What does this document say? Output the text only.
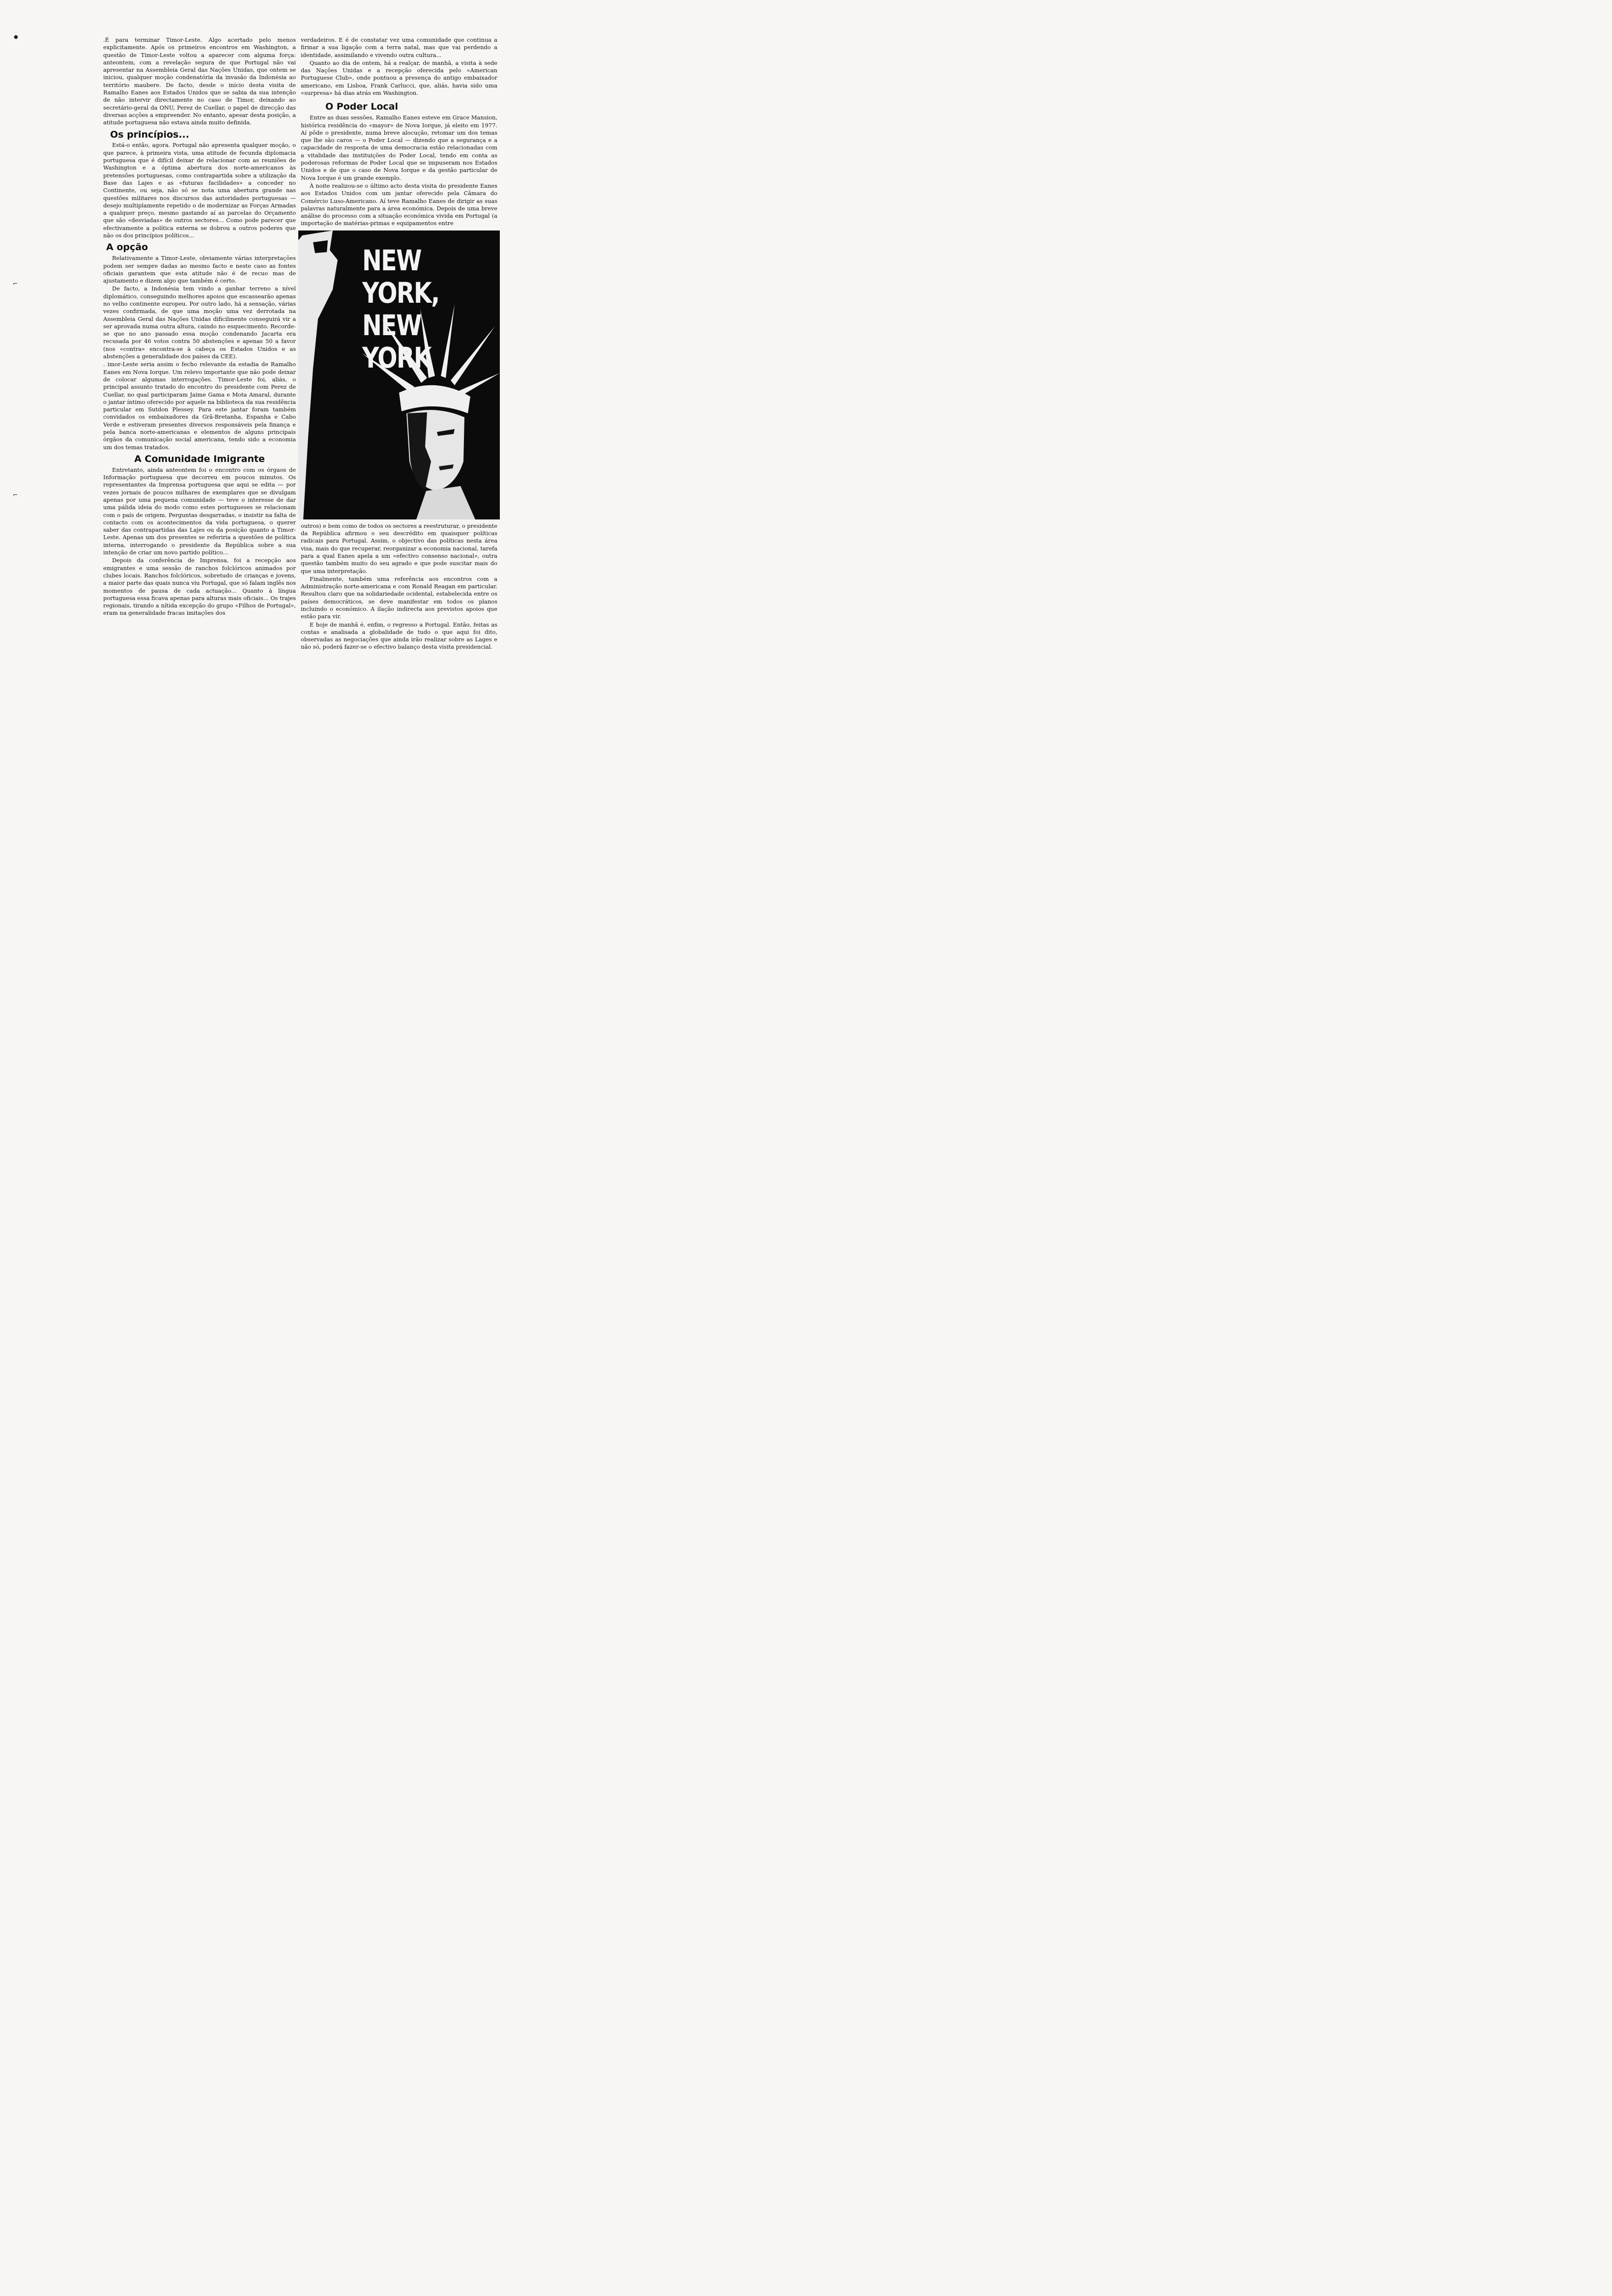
●
⌐
⌐

.É para terminar Timor-Leste. Algo acertado pelo menos explicitamente. Após os primeiros encontros em Washington, a questão de Timor-Leste voltou a aparecer com alguma força: anteontem, com a revelação segura de que Portugal não vai apresentar na Assembleia Geral das Nações Unidas, que ontem se iniciou, qualquer moção condenatória da invasão da Indonésia ao território maubere. De facto, desde o início desta visita de Ramalho Eanes aos Estados Unidos que se sabia da sua intenção de não intervir directamente no caso de Timor, deixando ao secretário-geral da ONU, Perez de Cuellar, o papel de direcção das diversas acções a empreender. No entanto, apesar desta posição, a atitude portuguesa não estava ainda muito definida.

Os princípios...

Está-o então, agora. Portugal não apresenta qualquer moção, o que parece, à primeira vista, uma atitude de fecunda diplomacia portuguesa que é difícil deixar de relacionar com as reuniões de Washington e a óptima abertura dos norte-americanos às pretensões portuguesas, como contrapartida sobre a utilização da Base das Lajes e as «futuras facilidades» a conceder no Continente, ou seja, não só se nota uma abertura grande nas questões militares nos discursos das autoridades portuguesas — desejo multiplamente repetido o de modernizar as Forças Armadas a qualquer preço, mesmo gastando aí as parcelas do Orçamento que são «desviadas» de outros sectores... Como pode parecer que efectivamente a política externa se dobrou a outros poderes que não os dos princípios políticos...

A opção

Relativamente a Timor-Leste, obviamente várias interpretações podem ser sempre dadas ao mesmo facto e neste caso as fontes oficiais garantem que esta atitude não é de recuo mas de ajustamento e dizem algo que também é certo.

De facto, a Indonésia tem vindo a ganhar terreno a nível diplomático, conseguindo melhores apoios que escassearão apenas no velho continente europeu. Por outro lado, há a sensação, várias vezes confirmada, de que uma moção uma vez derrotada na Assembleia Geral das Nações Unidas dificilmente conseguirá vir a ser aprovada numa outra altura, caindo no esquecimento. Recorde-se que no ano passado essa moção condenando Jacarta era recusada por 46 votos contra 50 abstenções e apenas 50 a favor (nos «contra» encontra-se à cabeça os Estados Unidos e as abstenções a generalidade dos países da CEE).

. imor-Leste seria assim o fecho relevante da estadia de Ramalho Eanes em Nova Iorque. Um relevo importante que não pode deixar de colocar algumas interrogações. Timor-Leste foi, aliás, o principal assunto tratado do encontro do presidente com Perez de Cuellar, no qual participaram Jaime Gama e Mota Amaral, durante o jantar íntimo oferecido por aquele na biblioteca da sua residência particular em Sutdon Plessey. Para este jantar foram também convidados os embaixadores da Grã-Bretanha, Espanha e Cabo Verde e estiveram presentes diversos responsáveis pela finança e pela banca norte-americanas e elementos de alguns principais órgãos da comunicação social americana, tendo sido a economia um dos temas tratados.

A Comunidade Imigrante

Entretanto, ainda anteontem foi o encontro com os órgaos de Informação portuguesa que decorreu em poucos minutos. Os representantes da Imprensa portuguesa que aqui se edita — por vezes jornais de poucos milhares de exemplares que se divulgam apenas por uma pequena comunidade — teve o interesse de dar uma pálida ideia do modo como estes portugueses se relacionam com o país de origem. Perguntas desgarradas, o insistir na falta de contacto com os acontecimentos da vida portuguesa, o querer saber das contrapartidas das Lajes ou da posição quanto a Timor-Leste. Apenas um dos presentes se referiria a questões de política interna, interrogando o presidente da República sobre a sua intenção de criar um novo partido político...

Depois da conferência de Imprensa, foi a recepção aos emigrantes e uma sessão de ranchos folclóricos animados por clubes locais. Ranchos folclóricos, sobretudo de crianças e jovens, a maior parte das quais nunca viu Portugal, que só falam inglês nos momentos de pausa de cada actuação... Quanto à língua portuguesa essa ficava apenas para alturas mais oficiais... Os trajes regionais, tirando a nítida excepção do grupo «Filhos de Portugal», eram na generalidade fracas imitações dos

verdadeiros. E é de constatar vez uma comunidade que continua a firmar a sua ligação com a terra natal, mas que vai perdendo a identidade, assimilando e vivendo outra cultura...

Quanto ao dia de ontem, há a realçar, de manhã, a visita à sede das Nações Unidas e a recepção oferecida pelo «American Portuguese Club», onde pontuou a presença do antigo embaixador americano, em Lisboa, Frank Carlucci, que, aliás, havia sido uma «surpresa» há dias atrás em Washington.

O Poder Local

Entre as duas sessões, Ramalho Eanes esteve em Grace Mansion, histórica residência do «mayor» de Nova Iorque, já eleito em 1977. Aí pôde o presidente, numa breve alocução, retomar um dos temas que lhe são caros — o Poder Local — dizendo que a segurança e a capacidade de resposta de uma democracia estão relacionadas com a vitalidade das instituições do Poder Local, tendo em conta as poderosas reformas de Poder Local que se impuseram nos Estados Unidos e de que o caso de Nova Iorque e da gestão particular de Nova Iorque é um grande exemplo.

À noite realizou-se o último acto desta visita do presidente Eanes aos Estados Unidos com um jantar oferecido pela Câmara do Comércio Luso-Americano. Aí teve Ramalho Eanes de dirigir as suas palavras naturalmente para a área económica. Depois de uma breve análise do processo com a situação económica vivida em Portugal (a importação de matérias-primas e equipamentos entre

NEW YORK,
NEW YORK

outros) e bem como de todos os sectores a reestruturar, o presidente da República afirmou o seu descrédito em quaisquer políticas radicais para Portugal. Assim, o objectivo das políticas nesta área visa, mais do que recuperar, reorganizar a economia nacional, tarefa para a qual Eanes apela a um «efectivo consenso nacional», outra questão também muito do seu agrado e que pode suscitar mais do que uma interpretação.

Finalmente, também uma referência aos encontros com a Administração norte-americana e com Ronald Reagan em particular. Resultou claro que na solidariedade ocidental, estabelecida entre os países democráticos, se deve manifestar em todos os planos incluindo o económico. A ilação indirecta aos previstos apoios que estão para vir.

E hoje de manhã é, enfim, o regresso a Portugal. Então, feitas as contas e analisada a globalidade de tudo o que aqui foi dito, observadas as negociações que ainda irão realizar sobre as Lages e não só, poderá fazer-se o efectivo balanço desta visita presidencial.
